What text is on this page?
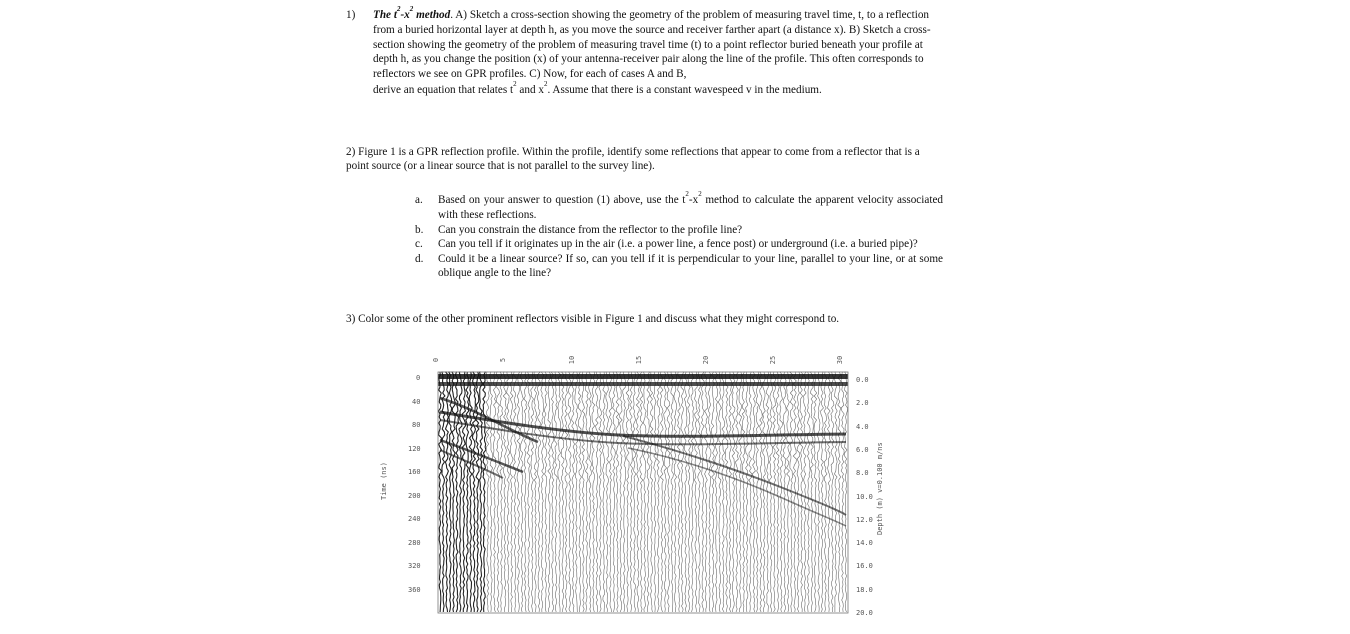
1) The $t^2-x^2$ method. A) Sketch a cross-section showing the geometry of the problem of measuring travel time, t, to a reflection from a buried horizontal layer at depth h, as you move the source and receiver farther apart (a distance x). B) Sketch a cross-section showing the geometry of the problem of measuring travel time (t) to a point reflector buried beneath your profile at depth h, as you change the position (x) of your antenna-receiver pair along the line of the profile. This often corresponds to reflectors we see on GPR profiles. C) Now, for each of cases A and B,
derive an equation that relates $t^2$ and $x^2$. Assume that there is a constant wavespeed v in the medium.
2) Figure 1 is a GPR reflection profile. Within the profile, identify some reflections that appear to come from a reflector that is a point source (or a linear source that is not parallel to the survey line).
a. Based on your answer to question (1) above, use the $t^2-x^2$ method to calculate the apparent velocity associated with these reflections.
b. Can you constrain the distance from the reflector to the profile line?
c. Can you tell if it originates up in the air (i.e. a power line, a fence post) or underground (i.e. a buried pipe)?
d. Could it be a linear source? If so, can you tell if it is perpendicular to your line, parallel to your line, or at some oblique angle to the line?
3) Color some of the other prominent reflectors visible in Figure 1 and discuss what they might correspond to.
Time (ns)	Depth (m) v=0.100 m/ns
0
40
80
120
160
200
240
280
320
360
0.0
2.0
4.0
6.0
8.0
10.0
12.0
14.0
16.0
18.0
20.0
0	5	10	15	20	25	30
